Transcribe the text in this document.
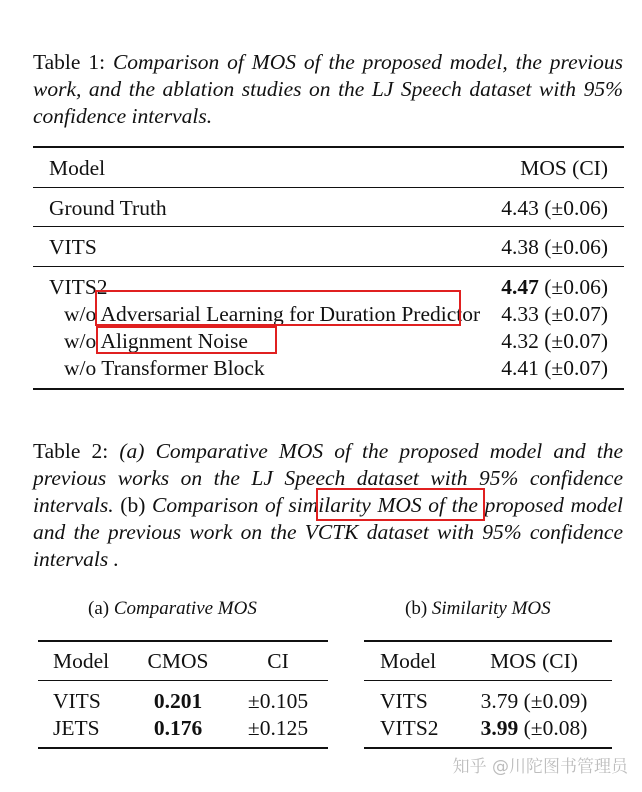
Table 1: Comparison of MOS of the proposed model, the previous work, and the ablation studies on the LJ Speech dataset with 95% confidence intervals.
Model	MOS (CI)
Ground Truth	4.43 (±0.06)
VITS	4.38 (±0.06)
VITS2	4.47 (±0.06)
w/o Adversarial Learning for Duration Predictor 4.33 (±0.07)
w/o Alignment Noise	4.32 (±0.07)
w/o Transformer Block	4.41 (±0.07)
Table 2: (a) Comparative MOS of the proposed model and the previous works on the LJ Speech dataset with 95% confidence intervals. (b) Comparison of similarity MOS of the proposed model and the previous work on the VCTK dataset with 95% confidence intervals .
(a) Comparative MOS
Model	CMOS	CI
VITS	0.201	±0.105
JETS	0.176	±0.125
(b) Similarity MOS
Model	MOS (CI)
VITS	3.79 (±0.09)
VITS2	3.99 (±0.08)
知乎 @川陀图书管理员
